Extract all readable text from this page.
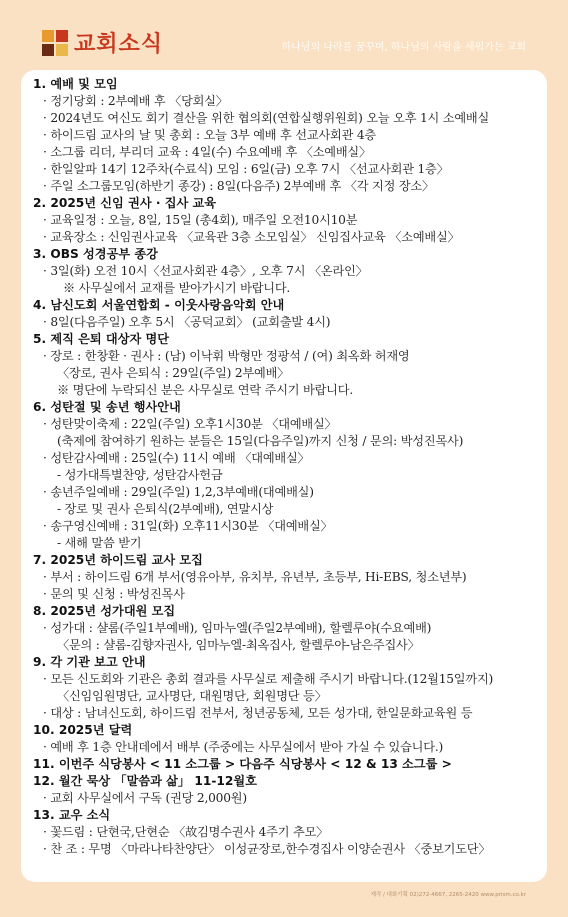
교회소식	하나님의 나라를 꿈꾸며, 하나님의 사람을 세워가는 교회
1. 예배 및 모임
· 정기당회 : 2부예배 후 〈당회실〉
· 2024년도 여신도 회기 결산을 위한 협의회(연합실행위원회) 오늘 오후 1시 소예배실
· 하이드림 교사의 날 및 총회 : 오늘 3부 예배 후 선교사회관 4층
· 소그룹 리더, 부리더 교육 : 4일(수) 수요예배 후 〈소예배실〉
· 한일알파 14기 12주차(수료식) 모임 : 6일(금) 오후 7시 〈선교사회관 1층〉
· 주일 소그룹모임(하반기 종강) : 8일(다음주) 2부예배 후 〈각 지정 장소〉
2. 2025년 신임 권사 · 집사 교육
· 교육일정 : 오늘, 8일, 15일 (총4회), 매주일 오전10시10분
· 교육장소 : 신임권사교육 〈교육관 3층 소모임실〉 신임집사교육 〈소예배실〉
3. OBS 성경공부 종강
· 3일(화) 오전 10시〈선교사회관 4층〉, 오후 7시 〈온라인〉
※ 사무실에서 교재를 받아가시기 바랍니다.
4. 남신도회 서울연합회 - 이웃사랑음악회 안내
· 8일(다음주일) 오후 5시 〈공덕교회〉 (교회출발 4시)
5. 제직 은퇴 대상자 명단
· 장로 : 한창환 · 권사 : (남) 이낙휘 박형만 정팡석 / (여) 최옥화 허재영
〈장로, 권사 은퇴식 : 29일(주일) 2부예배〉
※ 명단에 누락되신 분은 사무실로 연락 주시기 바랍니다.
6. 성탄절 및 송년 행사안내
· 성탄맞이축제 : 22일(주일) 오후1시30분 〈대예배실〉
(축제에 참여하기 원하는 분들은 15일(다음주일)까지 신청 / 문의: 박성진목사)
· 성탄감사예배 : 25일(수) 11시 예배 〈대예배실〉
- 성가대특별찬양, 성탄감사헌금
· 송년주일예배 : 29일(주일) 1,2,3부예배(대예배실)
- 장로 및 권사 은퇴식(2부예배), 연말시상
· 송구영신예배 : 31일(화) 오후11시30분 〈대예배실〉
- 새해 말씀 받기
7. 2025년 하이드림 교사 모집
· 부서 : 하이드림 6개 부서(영유아부, 유치부, 유년부, 초등부, Hi-EBS, 청소년부)
· 문의 및 신청 : 박성진목사
8. 2025년 성가대원 모집
· 성가대 : 샬롬(주일1부예배), 임마누엘(주일2부예배), 할렐루야(수요예배)
〈문의 : 샬롬-김향자권사, 임마누엘-최옥집사, 할렐루야-남은주집사〉
9. 각 기관 보고 안내
· 모든 신도회와 기관은 총회 결과를 사무실로 제출해 주시기 바랍니다.(12월15일까지)
〈신임임원명단, 교사명단, 대원명단, 회원명단 등〉
· 대상 : 남녀신도회, 하이드림 전부서, 청년공동체, 모든 성가대, 한일문화교육원 등
10. 2025년 달력
· 예배 후 1층 안내데에서 배부 (주중에는 사무실에서 받아 가실 수 있습니다.)
11. 이번주 식당봉사 < 11 소그룹 > 다음주 식당봉사 < 12 & 13 소그룹 >
12. 월간 묵상 「말씀과 삶」 11-12월호
· 교회 사무실에서 구독 (권당 2,000원)
13. 교우 소식
· 꽃드림 : 단현국,단현순 〈故김명수권사 4주기 추모〉
· 찬 조 : 무명 〈마라나타찬양단〉 이성균장로,한수경집사 이양순권사 〈중보기도단〉
재작 / 대화기획 02)272-4667, 2265-2420 www.prism.co.kr
